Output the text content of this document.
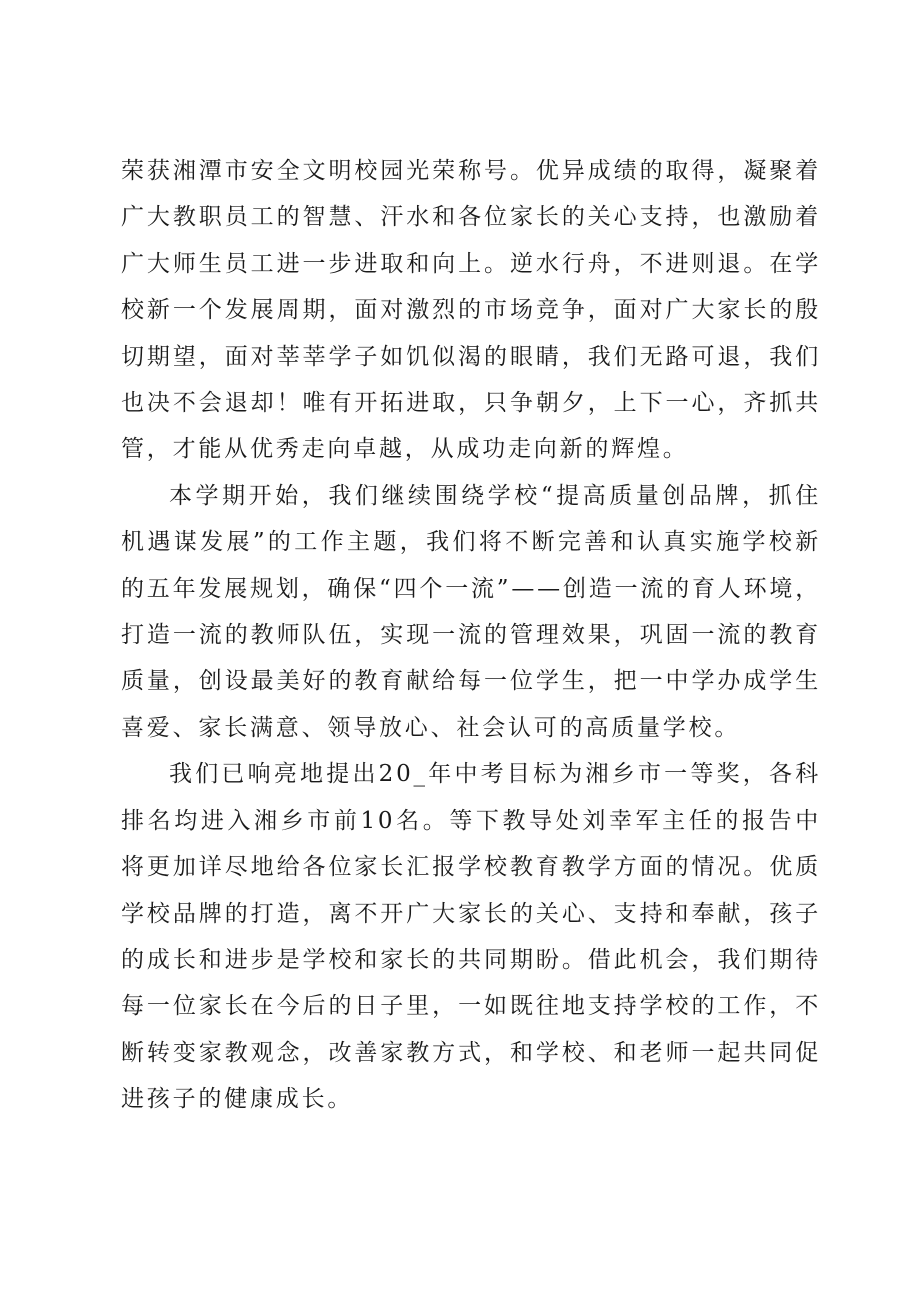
荣获湘潭市安全文明校园光荣称号。优异成绩的取得，凝聚着广大教职员工的智慧、汗水和各位家长的关心支持，也激励着广大师生员工进一步进取和向上。逆水行舟，不进则退。在学校新一个发展周期，面对激烈的市场竞争，面对广大家长的殷切期望，面对莘莘学子如饥似渴的眼睛，我们无路可退，我们也决不会退却！唯有开拓进取，只争朝夕，上下一心，齐抓共管，才能从优秀走向卓越，从成功走向新的辉煌。

本学期开始，我们继续围绕学校“提高质量创品牌，抓住机遇谋发展”的工作主题，我们将不断完善和认真实施学校新的五年发展规划，确保“四个一流”——创造一流的育人环境，打造一流的教师队伍，实现一流的管理效果，巩固一流的教育质量，创设最美好的教育献给每一位学生，把一中学办成学生喜爱、家长满意、领导放心、社会认可的高质量学校。

我们已响亮地提出20_年中考目标为湘乡市一等奖，各科排名均进入湘乡市前10名。等下教导处刘幸军主任的报告中将更加详尽地给各位家长汇报学校教育教学方面的情况。优质学校品牌的打造，离不开广大家长的关心、支持和奉献，孩子的成长和进步是学校和家长的共同期盼。借此机会，我们期待每一位家长在今后的日子里，一如既往地支持学校的工作，不断转变家教观念，改善家教方式，和学校、和老师一起共同促进孩子的健康成长。
